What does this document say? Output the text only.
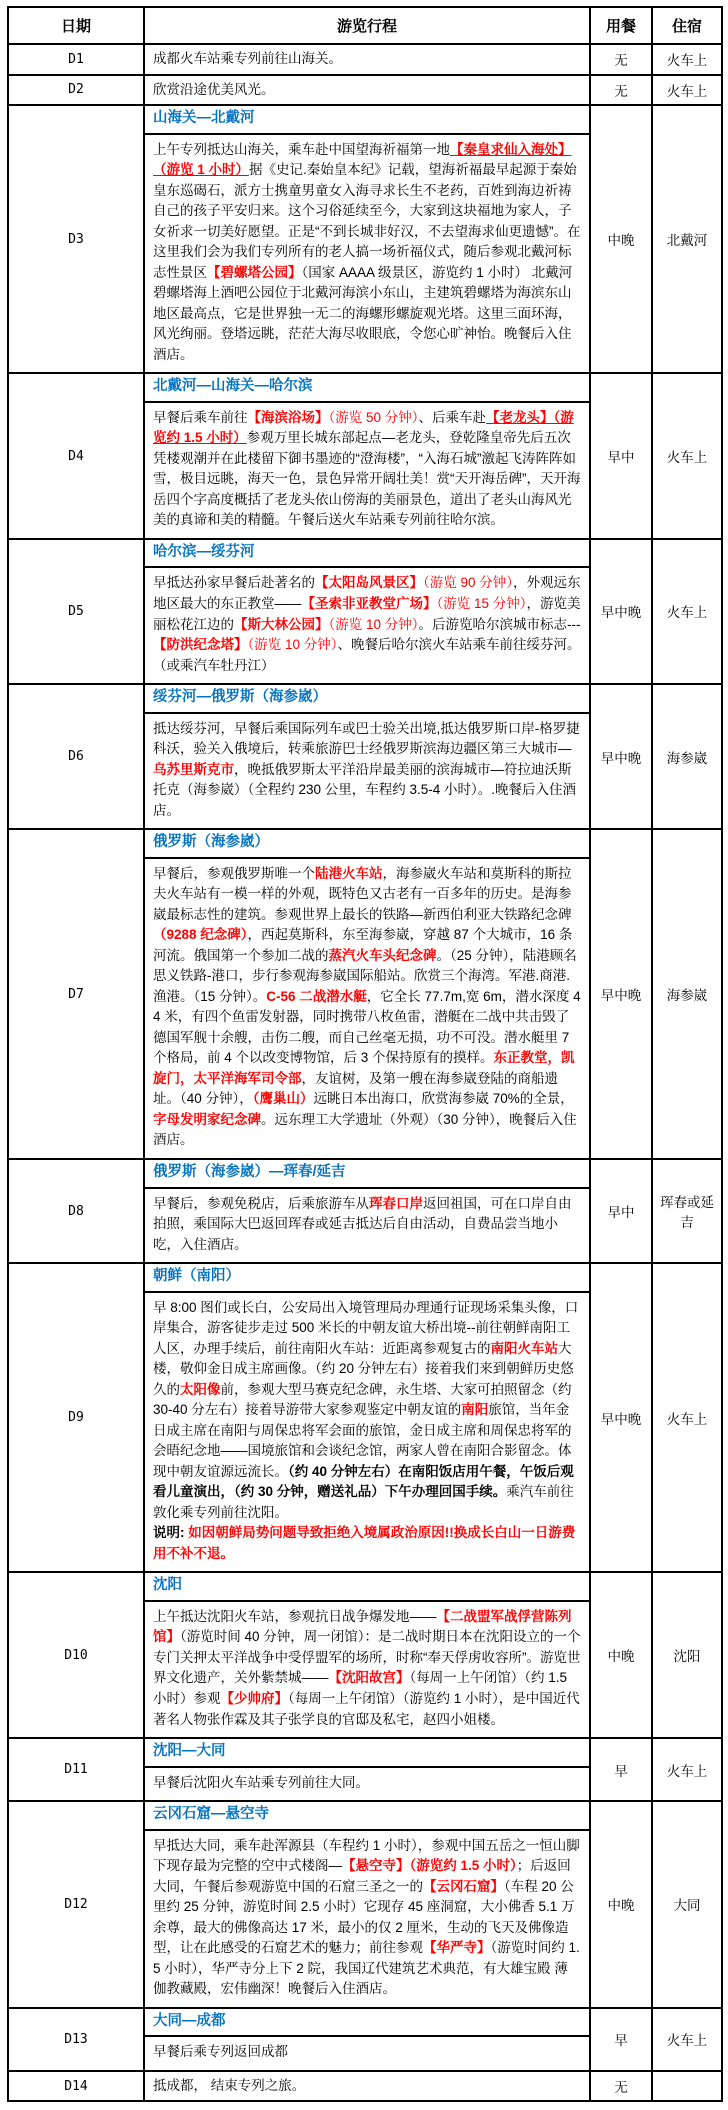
日期	游览行程	用餐	住宿
D1	成都火车站乘专列前往山海关。	无	火车上
D2	欣赏沿途优美风光。	无	火车上
D3	山海关—北戴河
上午专列抵达山海关，乘车赴中国望海祈福第一地【秦皇求仙入海处】（游览 1 小时）据《史记.秦始皇本纪》记载，望海祈福最早起源于秦始皇东巡碣石，派方士携童男童女入海寻求长生不老药，百姓到海边祈祷自己的孩子平安归来。这个习俗延续至今，大家到这块福地为家人，子女祈求一切美好愿望。正是“不到长城非好汉，不去望海求仙更遗憾”。在这里我们会为我们专列所有的老人搞一场祈福仪式，随后参观北戴河标志性景区【碧螺塔公园】（国家 AAAA 级景区，游览约 1 小时） 北戴河碧螺塔海上酒吧公园位于北戴河海滨小东山，主建筑碧螺塔为海滨东山地区最高点，它是世界独一无二的海螺形螺旋观光塔。这里三面环海，风光绚丽。登塔远眺，茫茫大海尽收眼底，令您心旷神怡。晚餐后入住酒店。	中晚	北戴河
D4	北戴河—山海关—哈尔滨
早餐后乘车前往【海滨浴场】（游览 50 分钟）、后乘车赴【老龙头】（游览约 1.5 小时）参观万里长城东部起点—老龙头，登乾隆皇帝先后五次凭楼观潮并在此楼留下御书墨迹的“澄海楼”，“入海石城”激起飞涛阵阵如雪，极目远眺，海天一色，景色异常开阔壮美！赏“天开海岳碑”，天开海岳四个字高度概括了老龙头依山傍海的美丽景色，道出了老头山海风光美的真谛和美的精髓。午餐后送火车站乘专列前往哈尔滨。	早中	火车上
D5	哈尔滨—绥芬河
早抵达孙家早餐后赴著名的【太阳岛风景区】（游览 90 分钟），外观远东地区最大的东正教堂——【圣索非亚教堂广场】（游览 15 分钟），游览美丽松花江边的【斯大林公园】（游览 10 分钟）。后游览哈尔滨城市标志---【防洪纪念塔】（游览 10 分钟）、晚餐后哈尔滨火车站乘车前往绥芬河。（或乘汽车牡丹江）	早中晚	火车上
D6	绥芬河—俄罗斯（海参崴）
抵达绥芬河，早餐后乘国际列车或巴士验关出境,抵达俄罗斯口岸-格罗捷科沃，验关入俄境后，转乘旅游巴士经俄罗斯滨海边疆区第三大城市—乌苏里斯克市，晚抵俄罗斯太平洋沿岸最美丽的滨海城市—符拉迪沃斯托克（海参崴）（全程约 230 公里，车程约 3.5-4 小时）。.晚餐后入住酒店。	早中晚	海参崴
D7	俄罗斯（海参崴）
早餐后，参观俄罗斯唯一个陆港火车站，海参崴火车站和莫斯科的斯拉夫火车站有一模一样的外观，既特色又古老有一百多年的历史。是海参崴最标志性的建筑。参观世界上最长的铁路—新西伯利亚大铁路纪念碑（9288 纪念碑），西起莫斯科，东至海参崴，穿越 87 个大城市，16 条河流。俄国第一个参加二战的蒸汽火车头纪念碑。（25 分钟），陆港顾名思义铁路-港口，步行参观海参崴国际船站。欣赏三个海湾。军港.商港.渔港。（15 分钟）。C-56 二战潜水艇，它全长 77.7m,宽 6m，潜水深度 44 米，有四个鱼雷发射器，同时携带八枚鱼雷，潜艇在二战中共击毁了德国军舰十余艘，击伤二艘，而自己丝毫无损，功不可没。潜水艇里 7 个格局，前 4 个以改变博物馆，后 3 个保持原有的摸样。东正教堂，凯旋门，太平洋海军司令部，友谊树，及第一艘在海参崴登陆的商船遗址。（40 分钟），（鹰巢山）远眺日本出海口，欣赏海参崴 70%的全景，字母发明家纪念碑。远东理工大学遗址（外观）（30 分钟），晚餐后入住酒店。	早中晚	海参崴
D8	俄罗斯（海参崴）—珲春/延吉
早餐后，参观免税店，后乘旅游车从珲春口岸返回祖国，可在口岸自由拍照，乘国际大巴返回珲春或延吉抵达后自由活动，自费品尝当地小吃，入住酒店。	早中	珲春或延吉
D9	朝鲜（南阳）
早 8:00 图们或长白，公安局出入境管理局办理通行证现场采集头像，口岸集合，游客徒步走过 500 米长的中朝友谊大桥出境--前往朝鲜南阳工人区，办理手续后，前往南阳火车站：近距离参观复古的南阳火车站大楼，敬仰金日成主席画像。（约 20 分钟左右）接着我们来到朝鲜历史悠久的太阳像前，参观大型马赛克纪念碑，永生塔、大家可拍照留念（约 30-40 分左右）接着导游带大家参观鉴定中朝友谊的南阳旅馆，当年金日成主席在南阳与周保忠将军会面的旅馆，金日成主席和周保忠将军的会晤纪念地——国境旅馆和会谈纪念馆，两家人曾在南阳合影留念。体现中朝友谊源远流长。（约 40 分钟左右）在南阳饭店用午餐，午饭后观看儿童演出，（约 30 分钟，赠送礼品）下午办理回国手续。乘汽车前往敦化乘专列前往沈阳。
说明: 如因朝鲜局势问题导致拒绝入境属政治原因!!换成长白山一日游费用不补不退。	早中晚	火车上
D10	沈阳
上午抵达沈阳火车站，参观抗日战争爆发地——【二战盟军战俘营陈列馆】（游览时间 40 分钟，周一闭馆）：是二战时期日本在沈阳设立的一个专门关押太平洋战争中受俘盟军的场所，时称“奉天俘虏收容所”。游览世界文化遗产，关外紫禁城——【沈阳故宫】（每周一上午闭馆）（约 1.5 小时）参观【少帅府】（每周一上午闭馆）（游览约 1 小时），是中国近代著名人物张作霖及其子张学良的官邸及私宅，赵四小姐楼。	中晚	沈阳
D11	沈阳—大同
早餐后沈阳火车站乘专列前往大同。	早	火车上
D12	云冈石窟—悬空寺
早抵达大同，乘车赴浑源县（车程约 1 小时），参观中国五岳之一恒山脚下现存最为完整的空中式楼阁—【悬空寺】（游览约 1.5 小时）；后返回大同，午餐后参观游览中国的石窟三圣之一的【云冈石窟】（车程 20 公里约 25 分钟，游览时间 2.5 小时）它现存 45 座洞窟，大小佛香 5.1 万余尊，最大的佛像高达 17 米，最小的仅 2 厘米，生动的飞天及佛像造型，让在此感受的石窟艺术的魅力；前往参观【华严寺】（游览时间约 1.5 小时），华严寺分上下 2 院，我国辽代建筑艺术典范，有大雄宝殿 薄伽教藏殿，宏伟幽深！晚餐后入住酒店。	中晚	大同
D13	大同—成都
早餐后乘专列返回成都	早	火车上
D14	抵成都， 结束专列之旅。	无	
